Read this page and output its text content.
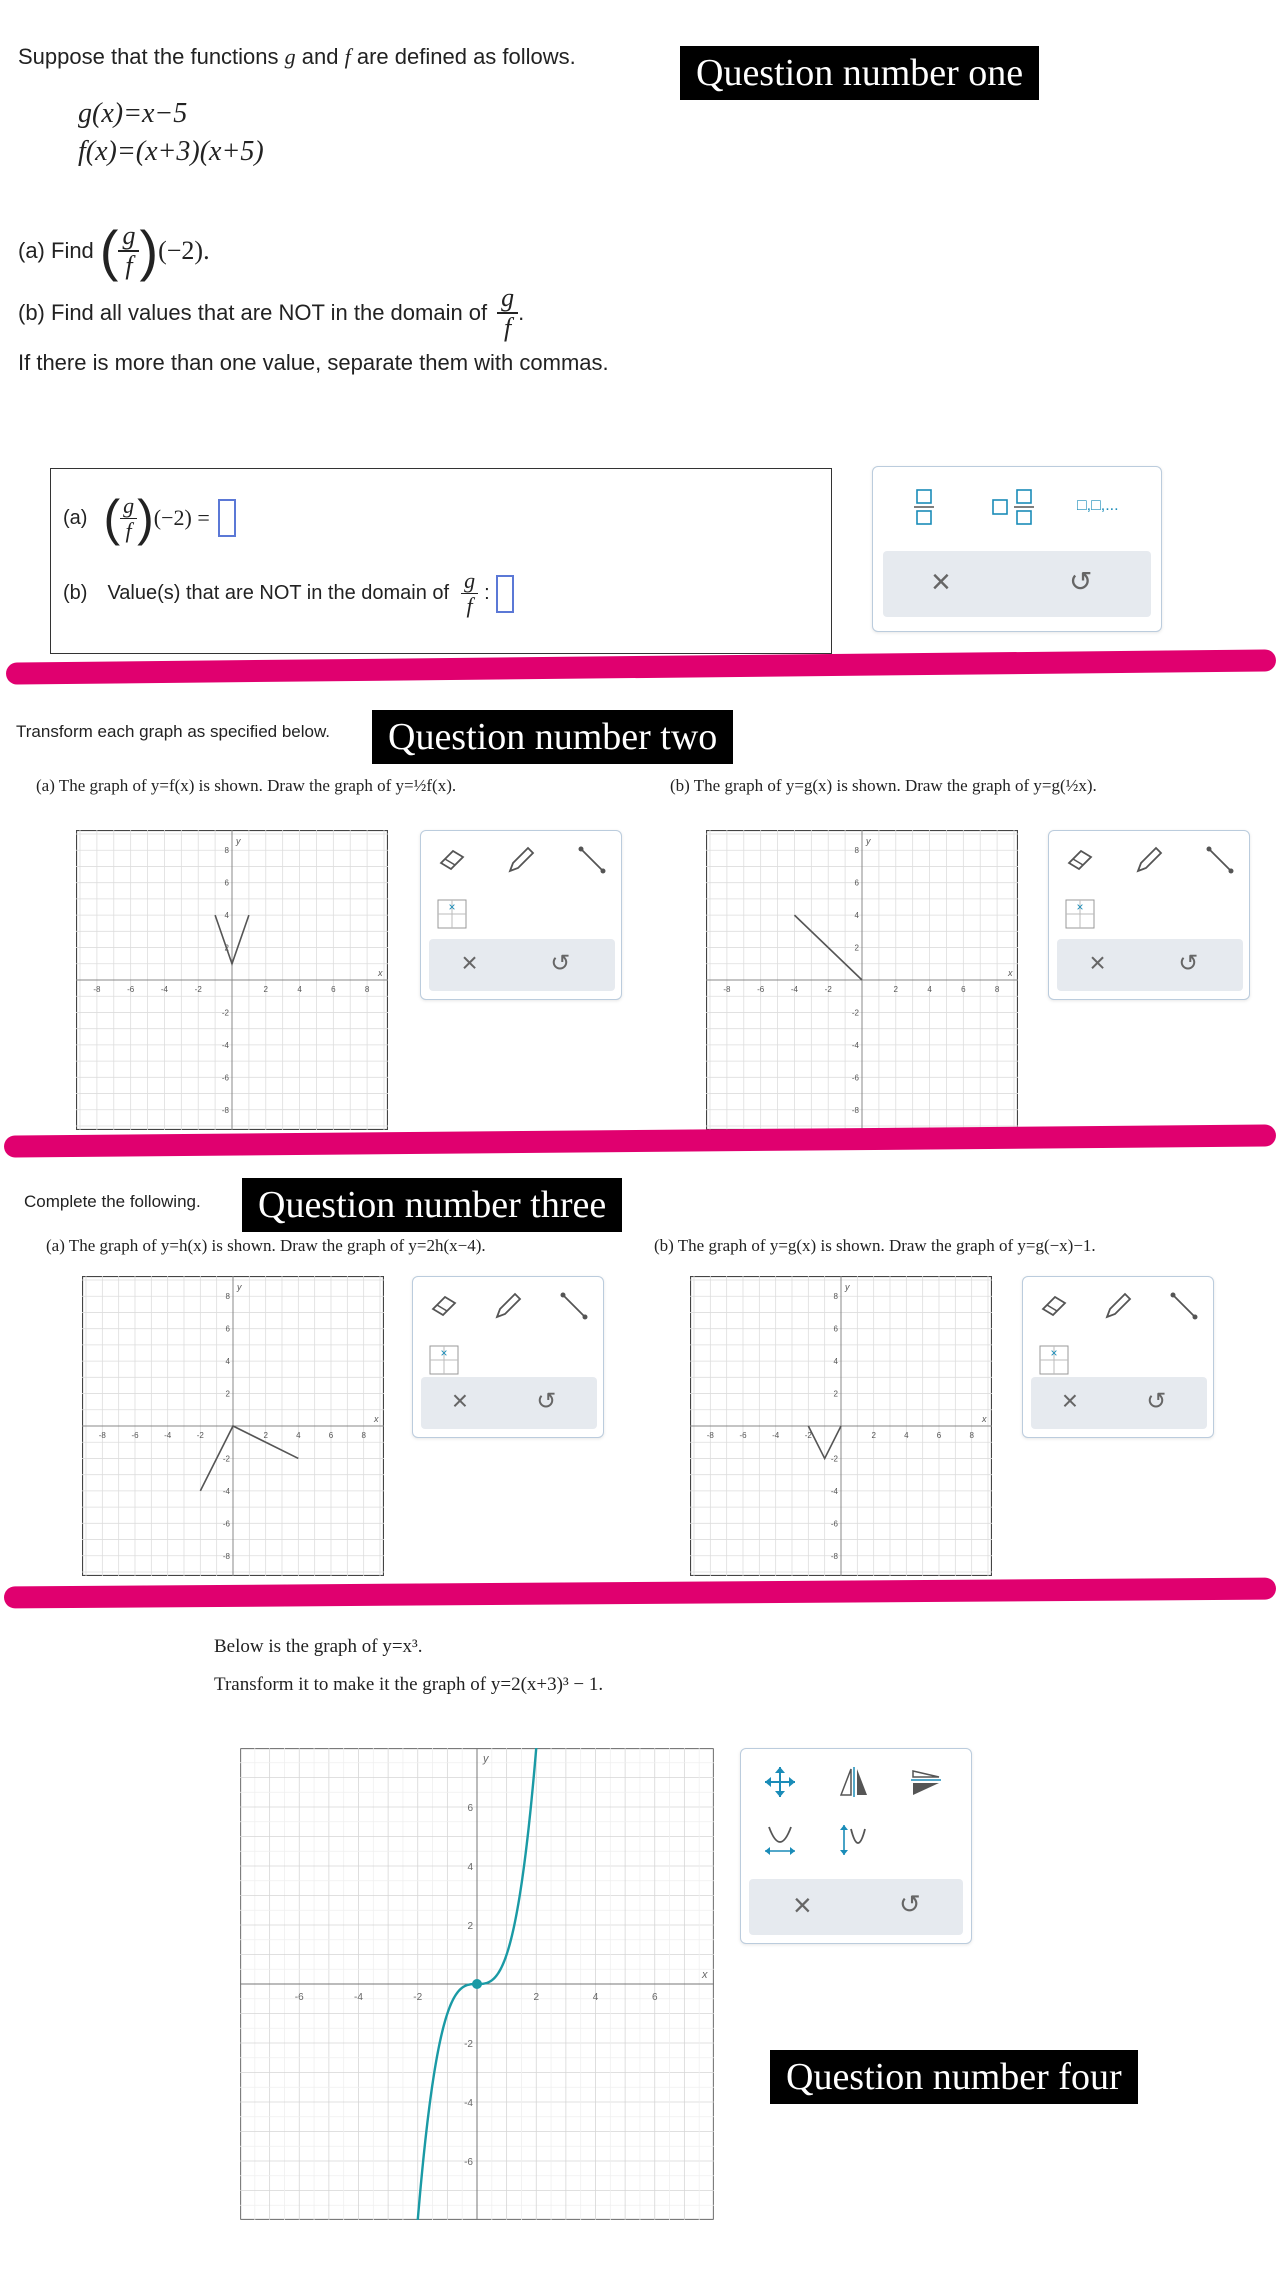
Suppose that the functions g and f are defined as follows.	Question number one
g(x)=x−5
f(x)=(x+3)(x+5)
(a) Find ( g
f ) (−2).
(b) Find all values that are NOT in the domain of
g
f
.
If there is more than one value, separate them with commas.
(a) ( g
f ) (−2) =
(b) Value(s) that are NOT in the domain of g
f :
□,□,...
×	↺
Transform each graph as specified below.	Question number two
(a) The graph of y=f(x) is shown. Draw the graph of y=½f(x).	(b) The graph of y=g(x) is shown. Draw the graph of y=g(½x).
-8
-8
-6
-6
-4
-4
-2
-2
2
2
4
4
6
6
8
8
x
y
-8
-8
-6
-6
-4
-4
-2
-2
2
2
4
4
6
6
8
8
x
y
×
×	↺
×
×	↺
Complete the following.	Question number three
(a) The graph of y=h(x) is shown. Draw the graph of y=2h(x−4).	(b) The graph of y=g(x) is shown. Draw the graph of y=g(−x)−1.
-8
-8
-6
-6
-4
-4
-2
-2
2
2
4
4
6
6
8
8
x
y
-8
-8
-6
-6
-4
-4
-2
-2
2
2
4
4
6
6
8
8
x
y
×
×	↺
×
×	↺
Below is the graph of y=x³.
Transform it to make it the graph of y=2(x+3)³ − 1.
-6
-6
-4
-4
-2
-2
2
2
4
4
6
6
x
y
×	↺
Question number four
